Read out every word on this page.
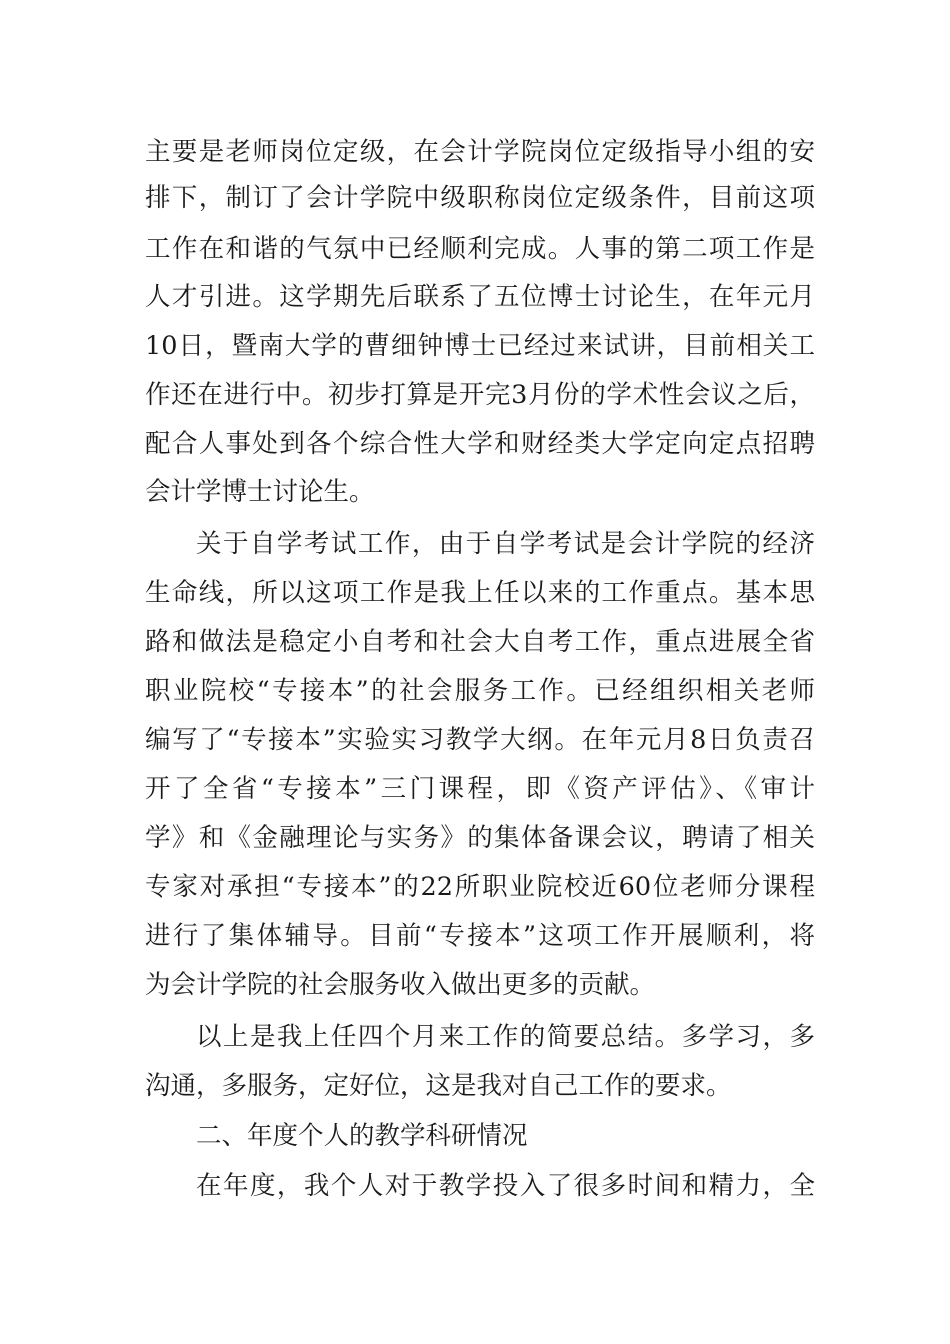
主要是老师岗位定级，在会计学院岗位定级指导小组的安
排下，制订了会计学院中级职称岗位定级条件，目前这项
工作在和谐的气氛中已经顺利完成。人事的第二项工作是
人才引进。这学期先后联系了五位博士讨论生，在年元月
10日，暨南大学的曹细钟博士已经过来试讲，目前相关工
作还在进行中。初步打算是开完3月份的学术性会议之后，
配合人事处到各个综合性大学和财经类大学定向定点招聘
会计学博士讨论生。
关于自学考试工作，由于自学考试是会计学院的经济
生命线，所以这项工作是我上任以来的工作重点。基本思
路和做法是稳定小自考和社会大自考工作，重点进展全省
职业院校“专接本”的社会服务工作。已经组织相关老师
编写了“专接本”实验实习教学大纲。在年元月8日负责召
开了全省“专接本”三门课程，即《资产评估》、《审计
学》和《金融理论与实务》的集体备课会议，聘请了相关
专家对承担“专接本”的22所职业院校近60位老师分课程
进行了集体辅导。目前“专接本”这项工作开展顺利，将
为会计学院的社会服务收入做出更多的贡献。
以上是我上任四个月来工作的简要总结。多学习，多
沟通，多服务，定好位，这是我对自己工作的要求。
二、年度个人的教学科研情况
在年度，我个人对于教学投入了很多时间和精力，全
